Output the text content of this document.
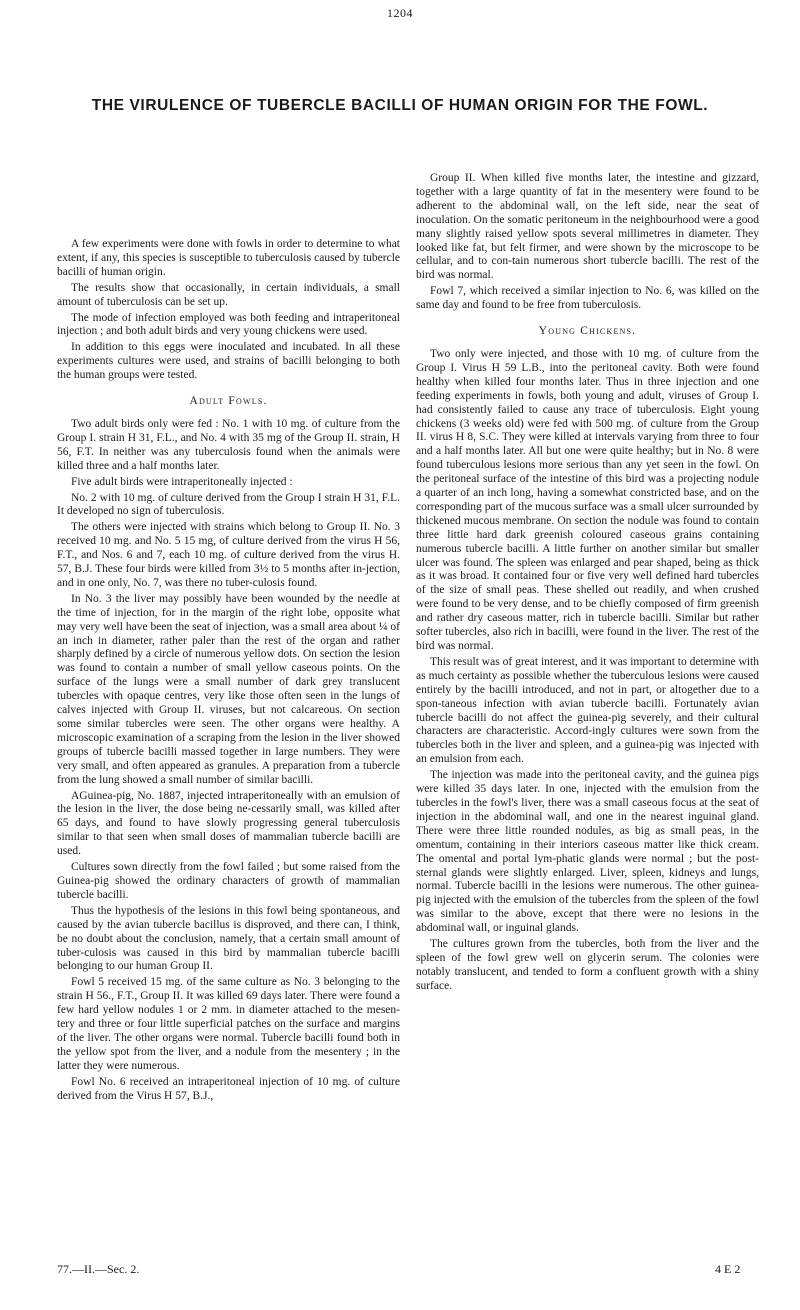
1204
THE VIRULENCE OF TUBERCLE BACILLI OF HUMAN ORIGIN FOR THE FOWL.

A few experiments were done with fowls in order to determine to what extent, if any, this species is susceptible to tuberculosis caused by tubercle bacilli of human origin.

The results show that occasionally, in certain individuals, a small amount of tuberculosis can be set up.

The mode of infection employed was both feeding and intraperitoneal injection ; and both adult birds and very young chickens were used.

In addition to this eggs were inoculated and incubated. In all these experiments cultures were used, and strains of bacilli belonging to both the human groups were tested.

Adult Fowls.

Two adult birds only were fed : No. 1 with 10 mg. of culture from the Group I. strain H 31, F.L., and No. 4 with 35 mg of the Group II. strain, H 56, F.T. In neither was any tuberculosis found when the animals were killed three and a half months later.

Five adult birds were intraperitoneally injected :

No. 2 with 10 mg. of culture derived from the Group I strain H 31, F.L. It developed no sign of tuberculosis.

The others were injected with strains which belong to Group II. No. 3 received 10 mg. and No. 5 15 mg, of culture derived from the virus H 56, F.T., and Nos. 6 and 7, each 10 mg. of culture derived from the virus H. 57, B.J. These four birds were killed from 3½ to 5 months after in-jection, and in one only, No. 7, was there no tuber-culosis found.

In No. 3 the liver may possibly have been wounded by the needle at the time of injection, for in the margin of the right lobe, opposite what may very well have been the seat of injection, was a small area about ¼ of an inch in diameter, rather paler than the rest of the organ and rather sharply defined by a circle of numerous yellow dots. On section the lesion was found to contain a number of small yellow caseous points. On the surface of the lungs were a small number of dark grey translucent tubercles with opaque centres, very like those often seen in the lungs of calves injected with Group II. viruses, but not calcareous. On section some similar tubercles were seen. The other organs were healthy. A microscopic examination of a scraping from the lesion in the liver showed groups of tubercle bacilli massed together in large numbers. They were very small, and often appeared as granules. A preparation from a tubercle from the lung showed a small number of similar bacilli.

AGuinea-pig, No. 1887, injected intraperitoneally with an emulsion of the lesion in the liver, the dose being ne-cessarily small, was killed after 65 days, and found to have slowly progressing general tuberculosis similar to that seen when small doses of mammalian tubercle bacilli are used.

Cultures sown directly from the fowl failed ; but some raised from the Guinea-pig showed the ordinary characters of growth of mammalian tubercle bacilli.

Thus the hypothesis of the lesions in this fowl being spontaneous, and caused by the avian tubercle bacillus is disproved, and there can, I think, be no doubt about the conclusion, namely, that a certain small amount of tuber-culosis was caused in this bird by mammalian tubercle bacilli belonging to our human Group II.

Fowl 5 received 15 mg. of the same culture as No. 3 belonging to the strain H 56., F.T., Group II. It was killed 69 days later. There were found a few hard yellow nodules 1 or 2 mm. in diameter attached to the mesen-tery and three or four little superficial patches on the surface and margins of the liver. The other organs were normal. Tubercle bacilli found both in the yellow spot from the liver, and a nodule from the mesentery ; in the latter they were numerous.

Fowl No. 6 received an intraperitoneal injection of 10 mg. of culture derived from the Virus H 57, B.J.,

Group II. When killed five months later, the intestine and gizzard, together with a large quantity of fat in the mesentery were found to be adherent to the abdominal wall, on the left side, near the seat of inoculation. On the somatic peritoneum in the neighbourhood were a good many slightly raised yellow spots several millimetres in diameter. They looked like fat, but felt firmer, and were shown by the microscope to be cellular, and to con-tain numerous short tubercle bacilli. The rest of the bird was normal.

Fowl 7, which received a similar injection to No. 6, was killed on the same day and found to be free from tuberculosis.

Young Chickens.

Two only were injected, and those with 10 mg. of culture from the Group I. Virus H 59 L.B., into the peritoneal cavity. Both were found healthy when killed four months later. Thus in three injection and one feeding experiments in fowls, both young and adult, viruses of Group I. had consistently failed to cause any trace of tuberculosis. Eight young chickens (3 weeks old) were fed with 500 mg. of culture from the Group II. virus H 8, S.C. They were killed at intervals varying from three to four and a half months later. All but one were quite healthy; but in No. 8 were found tuberculous lesions more serious than any yet seen in the fowl. On the peritoneal surface of the intestine of this bird was a projecting nodule a quarter of an inch long, having a somewhat constricted base, and on the corresponding part of the mucous surface was a small ulcer surrounded by thickened mucous membrane. On section the nodule was found to contain three little hard dark greenish coloured caseous grains containing numerous tubercle bacilli. A little further on another similar but smaller ulcer was found. The spleen was enlarged and pear shaped, being as thick as it was broad. It contained four or five very well defined hard tubercles of the size of small peas. These shelled out readily, and when crushed were found to be very dense, and to be chiefly composed of firm greenish and rather dry caseous matter, rich in tubercle bacilli. Similar but rather softer tubercles, also rich in bacilli, were found in the liver. The rest of the bird was normal.

This result was of great interest, and it was important to determine with as much certainty as possible whether the tuberculous lesions were caused entirely by the bacilli introduced, and not in part, or altogether due to a spon-taneous infection with avian tubercle bacilli. Fortunately avian tubercle bacilli do not affect the guinea-pig severely, and their cultural characters are characteristic. Accord-ingly cultures were sown from the tubercles both in the liver and spleen, and a guinea-pig was injected with an emulsion from each.

The injection was made into the peritoneal cavity, and the guinea pigs were killed 35 days later. In one, injected with the emulsion from the tubercles in the fowl's liver, there was a small caseous focus at the seat of injection in the abdominal wall, and one in the nearest inguinal gland. There were three little rounded nodules, as big as small peas, in the omentum, containing in their interiors caseous matter like thick cream. The omental and portal lym-phatic glands were normal ; but the post-sternal glands were slightly enlarged. Liver, spleen, kidneys and lungs, normal. Tubercle bacilli in the lesions were numerous. The other guinea-pig injected with the emulsion of the tubercles from the spleen of the fowl was similar to the above, except that there were no lesions in the abdominal wall, or inguinal glands.

The cultures grown from the tubercles, both from the liver and the spleen of the fowl grew well on glycerin serum. The colonies were notably translucent, and tended to form a confluent growth with a shiny surface.

77.—II.—Sec. 2.	4 E 2
